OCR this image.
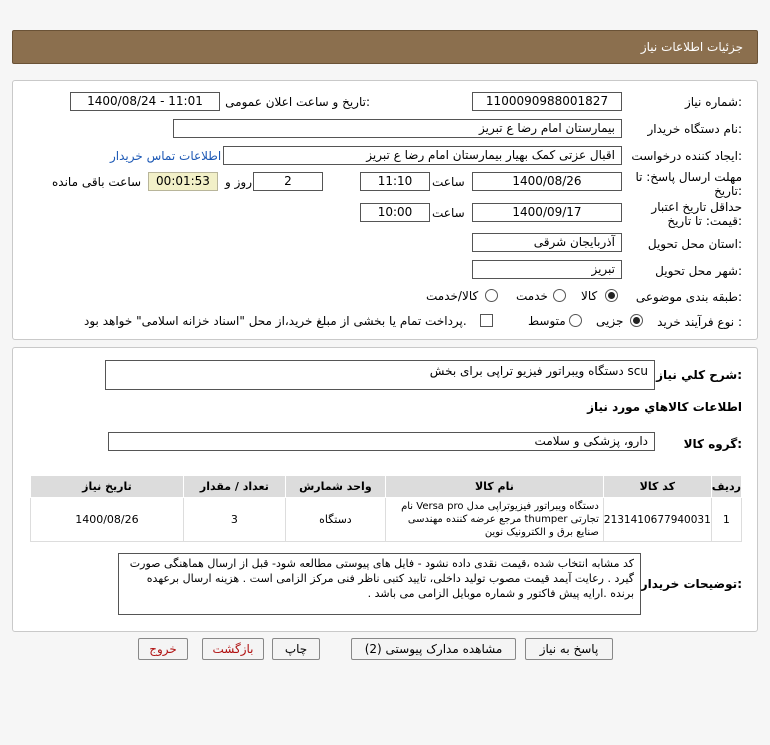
جزئیات اطلاعات نیاز
شماره نیاز:
1100090988001827
تاریخ و ساعت اعلان عمومی:
1400/08/24 - 11:01
نام دستگاه خریدار:
بیمارستان امام رضا ع تبریز
ایجاد کننده درخواست:
اقبال عزتی کمک بهیار بیمارستان امام رضا ع تبریز
اطلاعات تماس خریدار
مهلت ارسال پاسخ: تا
تاریخ:
1400/08/26
ساعت
11:10
2
روز و
00:01:53
ساعت باقی مانده
حداقل تاریخ اعتبار
قیمت: تا تاریخ:
1400/09/17
ساعت
10:00
استان محل تحویل:
آذربایجان شرقی
شهر محل تحویل:
تبریز
طبقه بندی موضوعی:
کالا
خدمت
کالا/خدمت
نوع فرآیند خرید :
جزیی
متوسط
پرداخت تمام یا بخشی از مبلغ خرید،از محل "اسناد خزانه اسلامی" خواهد بود.
شرح کلي نياز:
دستگاه ویبراتور فیزیو تراپی برای بخش scu
اطلاعات کالاهاي مورد نياز
گروه کالا:
دارو، پزشکی و سلامت
ردیف	کد کالا	نام کالا	واحد شمارش	تعداد / مقدار	تاریخ نیاز
1	2131410677940031	دستگاه ویبراتور فیزیوتراپی مدل Versa pro نام تجارتی thumper مرجع عرضه کننده مهندسی صنایع برق و الکترونیک نوین	دستگاه	3	1400/08/26
توضیحات خریدار:
کد مشابه انتخاب شده ،قیمت نقدی داده نشود - فایل های پیوستی مطالعه شود- قبل از ارسال هماهنگی صورت گیرد . رعایت آیمد قیمت مصوب تولید داخلی، تایید کتبی ناظر فنی مرکز الزامی است . هزینه ارسال برعهده برنده .ارایه پیش فاکتور و شماره موبایل الزامی می باشد .
پاسخ به نیاز
مشاهده مدارک پیوستی (2)
چاپ
بازگشت
خروج
